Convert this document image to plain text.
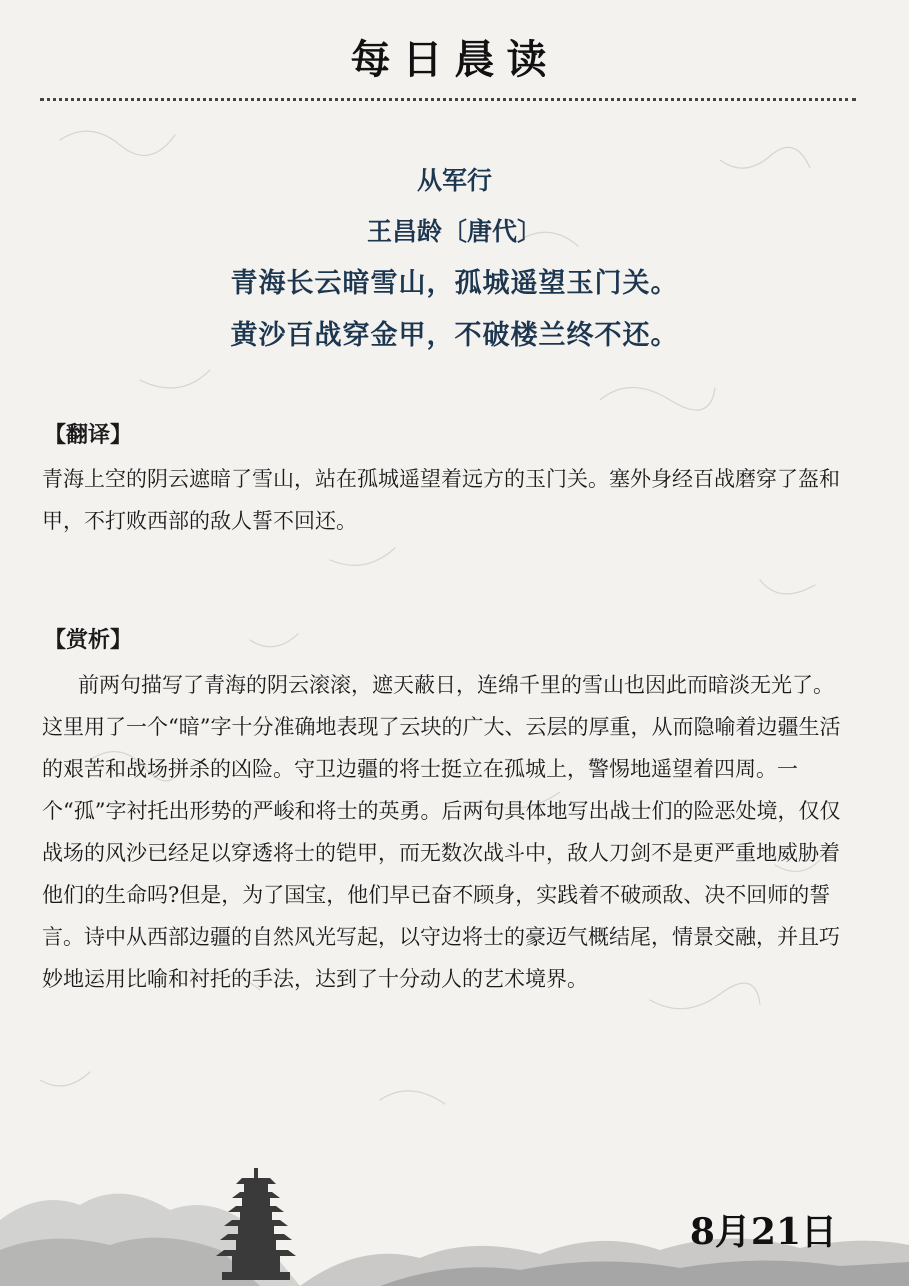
每日晨读
从军行
王昌龄〔唐代〕
青海长云暗雪山，孤城遥望玉门关。
黄沙百战穿金甲，不破楼兰终不还。
【翻译】

青海上空的阴云遮暗了雪山，站在孤城遥望着远方的玉门关。塞外身经百战磨穿了盔和甲，不打败西部的敌人誓不回还。

【赏析】

前两句描写了青海的阴云滚滚，遮天蔽日，连绵千里的雪山也因此而暗淡无光了。这里用了一个“暗”字十分准确地表现了云块的广大、云层的厚重，从而隐喻着边疆生活的艰苦和战场拼杀的凶险。守卫边疆的将士挺立在孤城上，警惕地遥望着四周。一个“孤”字衬托出形势的严峻和将士的英勇。后两句具体地写出战士们的险恶处境，仅仅战场的风沙已经足以穿透将士的铠甲，而无数次战斗中，敌人刀剑不是更严重地威胁着他们的生命吗?但是，为了国宝，他们早已奋不顾身，实践着不破顽敌、决不回师的誓言。诗中从西部边疆的自然风光写起，以守边将士的豪迈气概结尾，情景交融，并且巧妙地运用比喻和衬托的手法，达到了十分动人的艺术境界。

8月21日
